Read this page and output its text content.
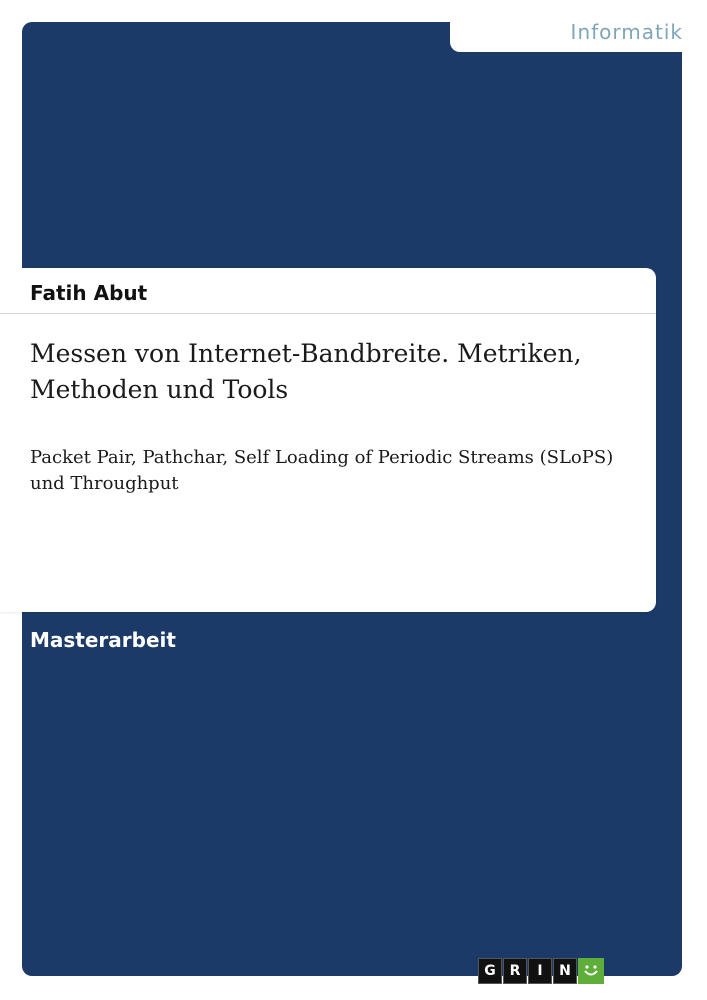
Informatik
Fatih Abut
Messen von Internet-Bandbreite. Metriken, Methoden und Tools

Packet Pair, Pathchar, Self Loading of Periodic Streams (SLoPS) und Throughput

Masterarbeit
G R	I	N
